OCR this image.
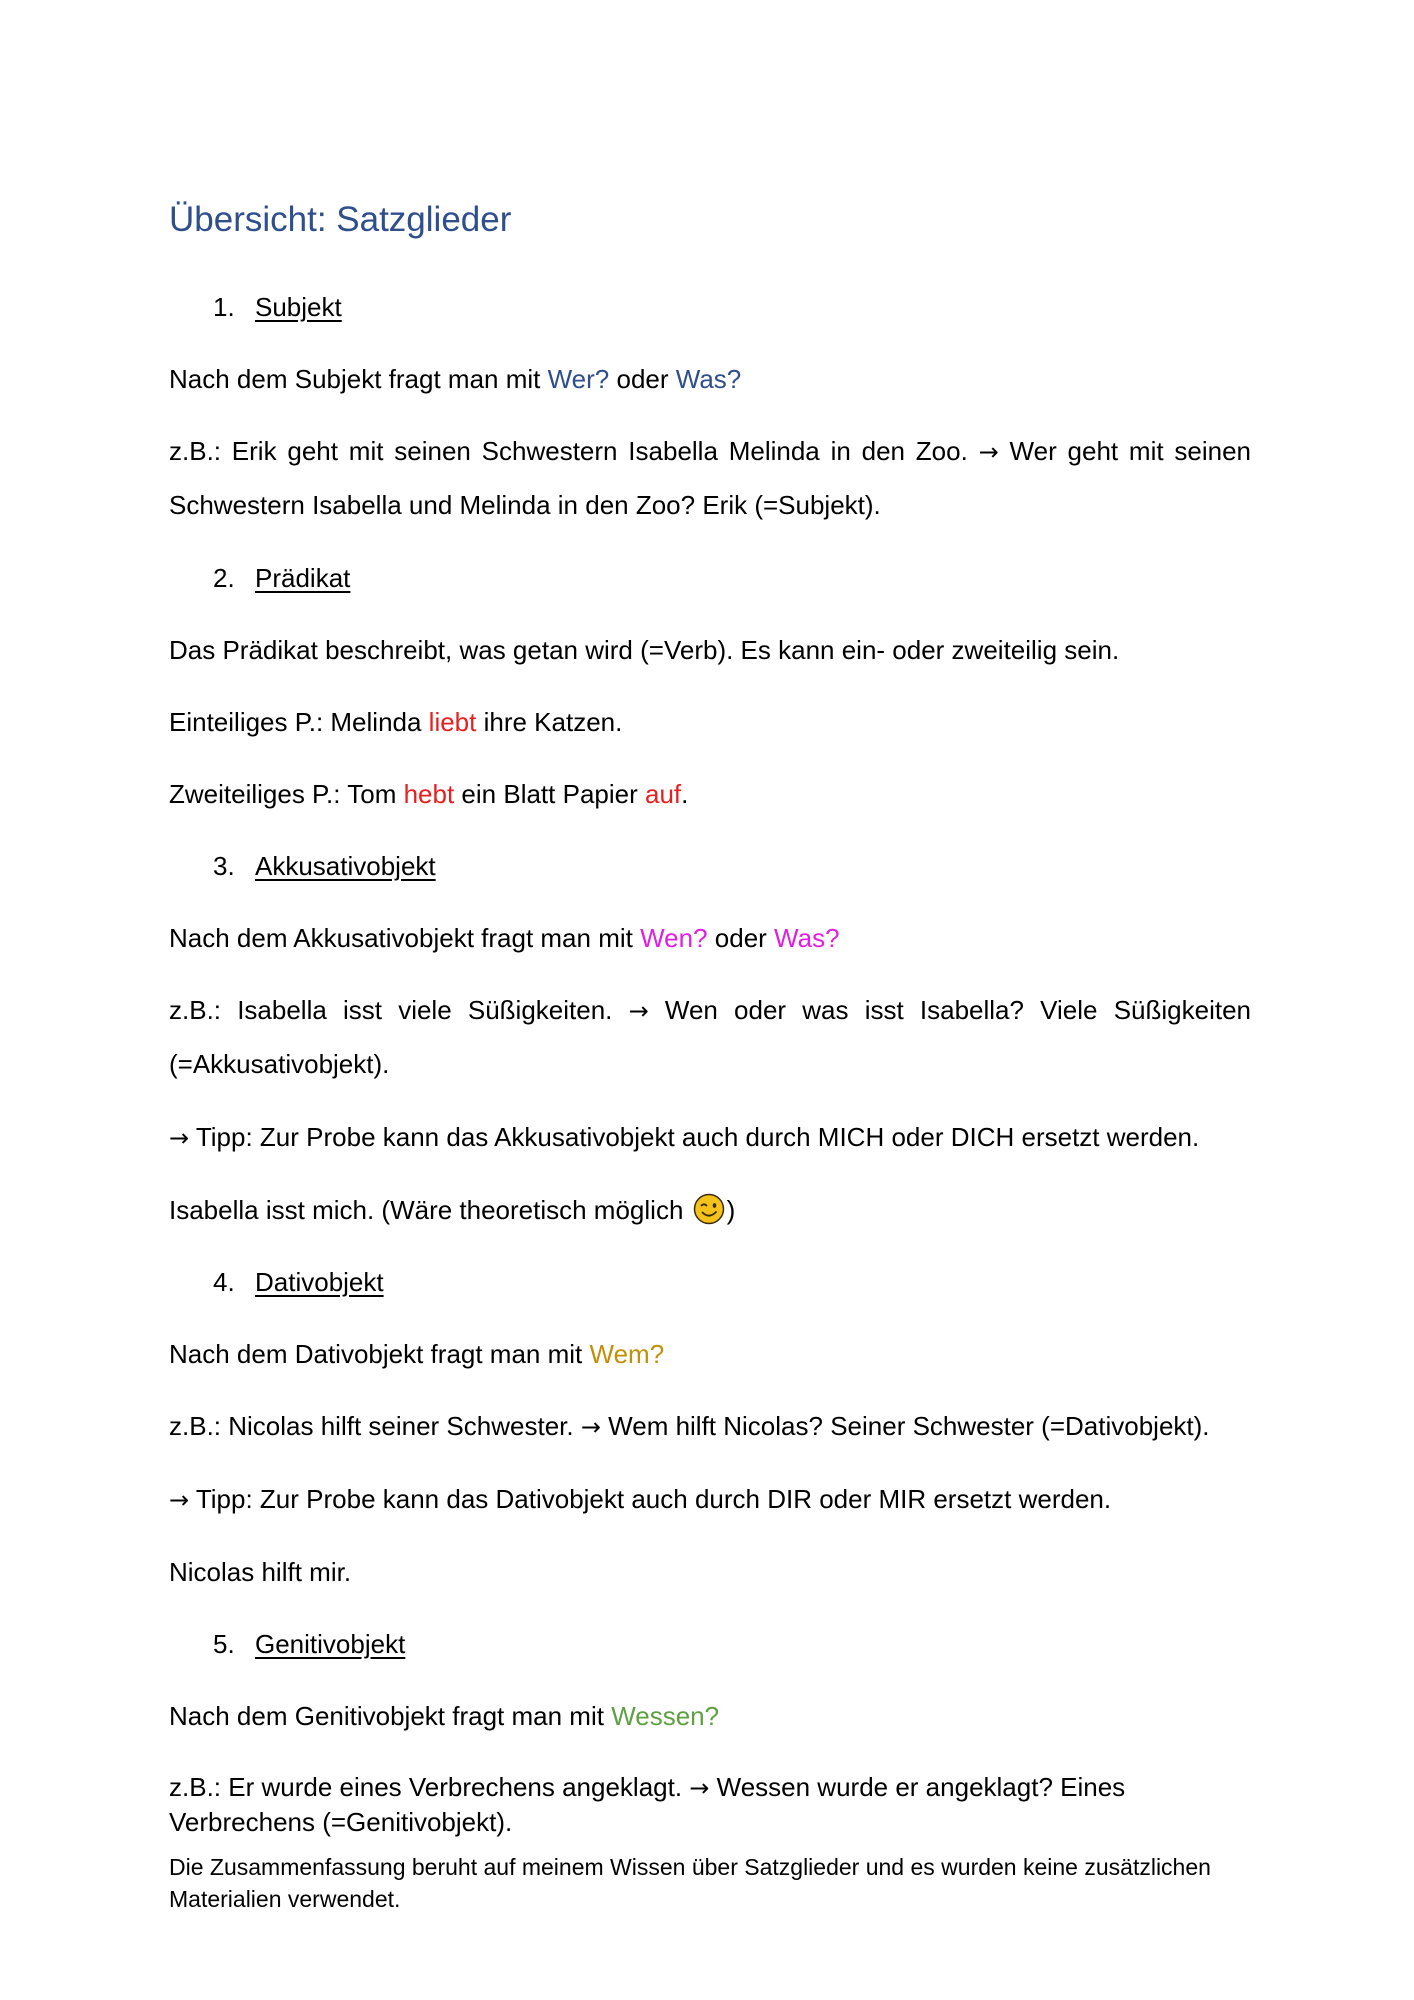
Übersicht: Satzglieder
1. Subjekt

Nach dem Subjekt fragt man mit Wer? oder Was?

z.B.: Erik geht mit seinen Schwestern Isabella Melinda in den Zoo. → Wer geht mit seinen Schwestern Isabella und Melinda in den Zoo? Erik (=Subjekt).

2. Prädikat

Das Prädikat beschreibt, was getan wird (=Verb). Es kann ein- oder zweiteilig sein.

Einteiliges P.: Melinda liebt ihre Katzen.

Zweiteiliges P.: Tom hebt ein Blatt Papier auf.

3. Akkusativobjekt

Nach dem Akkusativobjekt fragt man mit Wen? oder Was?

z.B.: Isabella isst viele Süßigkeiten. → Wen oder was isst Isabella? Viele Süßigkeiten (=Akkusativobjekt).

→ Tipp: Zur Probe kann das Akkusativobjekt auch durch MICH oder DICH ersetzt werden.

Isabella isst mich. (Wäre theoretisch möglich )

4. Dativobjekt

Nach dem Dativobjekt fragt man mit Wem?

z.B.: Nicolas hilft seiner Schwester. → Wem hilft Nicolas? Seiner Schwester (=Dativobjekt).

→ Tipp: Zur Probe kann das Dativobjekt auch durch DIR oder MIR ersetzt werden.

Nicolas hilft mir.

5. Genitivobjekt

Nach dem Genitivobjekt fragt man mit Wessen?

z.B.: Er wurde eines Verbrechens angeklagt. → Wessen wurde er angeklagt? Eines
Verbrechens (=Genitivobjekt).

Die Zusammenfassung beruht auf meinem Wissen über Satzglieder und es wurden keine zusätzlichen Materialien verwendet.
